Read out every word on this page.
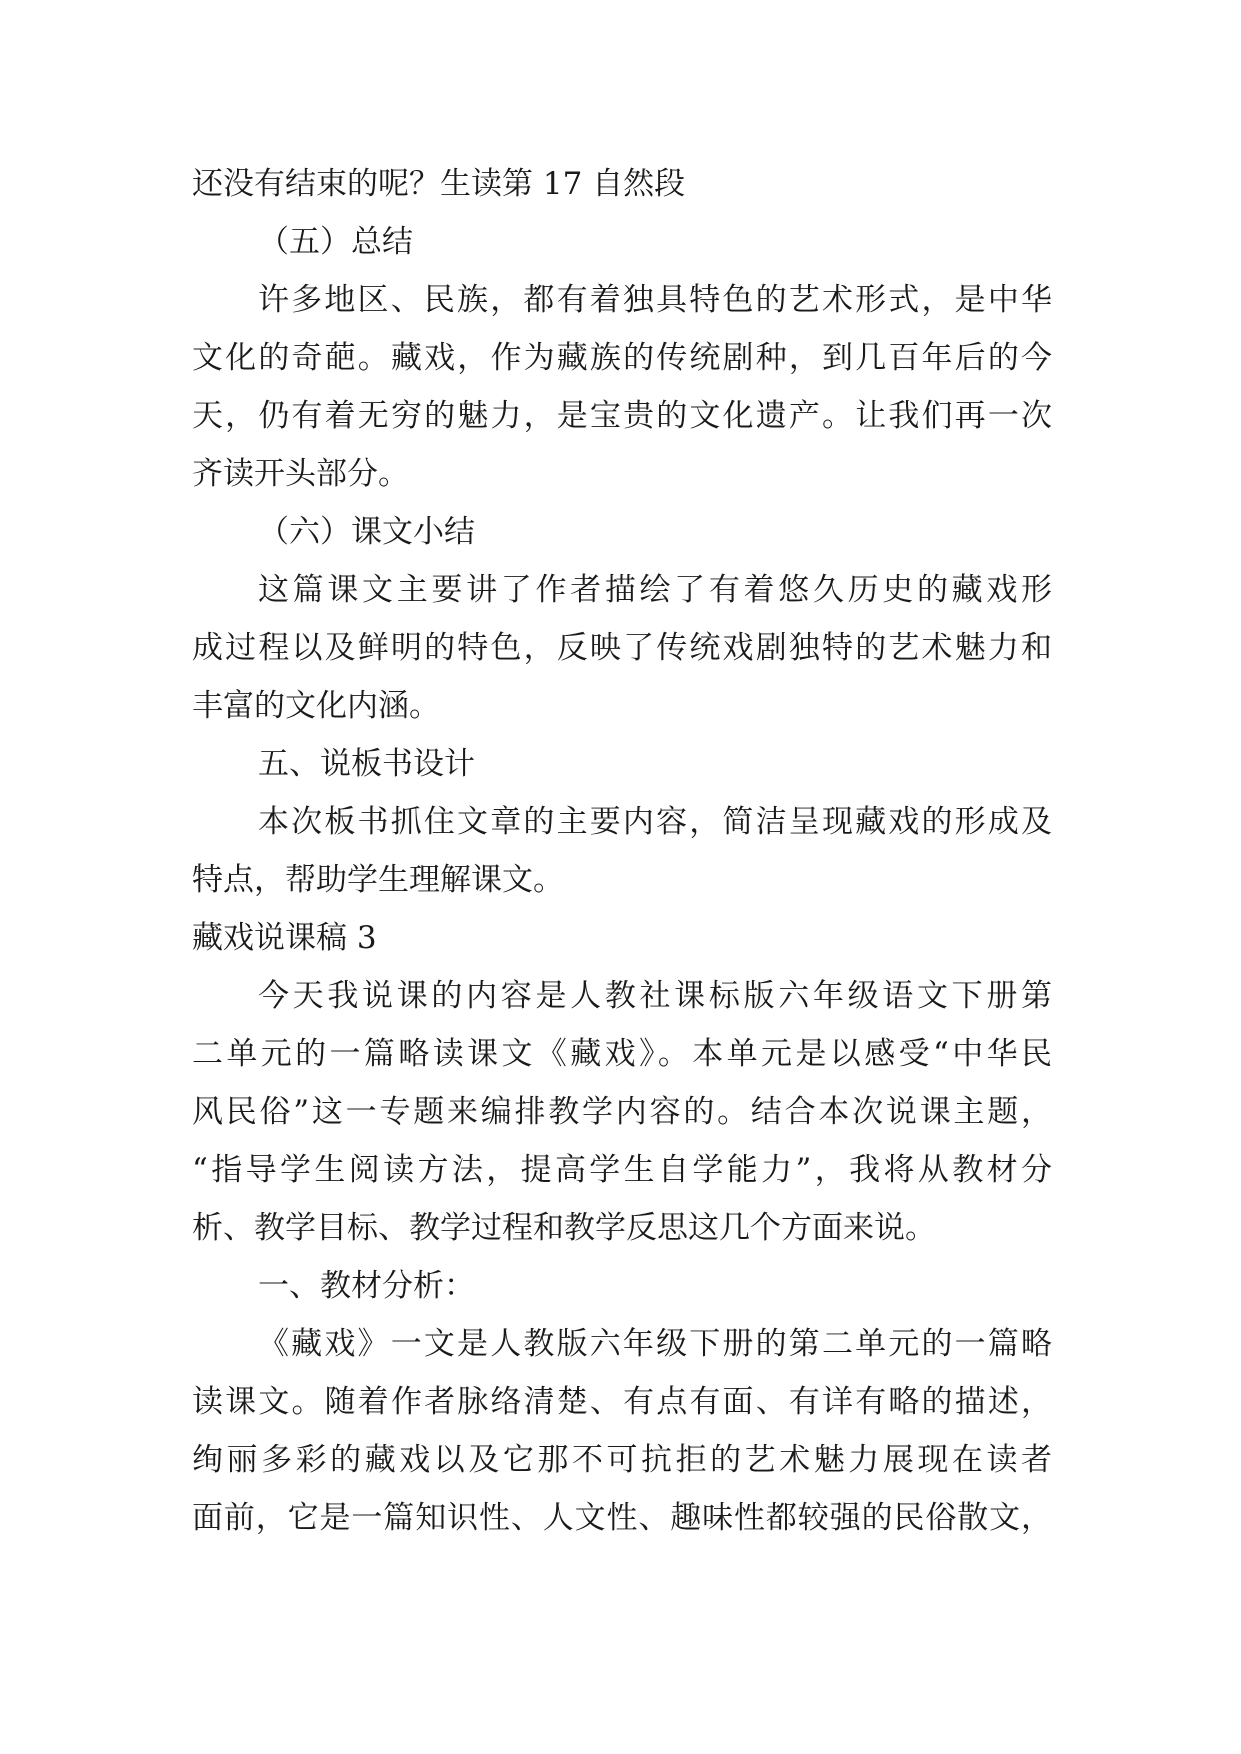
还没有结束的呢？生读第 17 自然段
（五）总结
许多地区、民族，都有着独具特色的艺术形式，是中华
文化的奇葩。藏戏，作为藏族的传统剧种，到几百年后的今
天，仍有着无穷的魅力，是宝贵的文化遗产。让我们再一次
齐读开头部分。
（六）课文小结
这篇课文主要讲了作者描绘了有着悠久历史的藏戏形
成过程以及鲜明的特色，反映了传统戏剧独特的艺术魅力和
丰富的文化内涵。
五、说板书设计
本次板书抓住文章的主要内容，简洁呈现藏戏的形成及
特点，帮助学生理解课文。
藏戏说课稿 3
今天我说课的内容是人教社课标版六年级语文下册第
二单元的一篇略读课文《藏戏》。本单元是以感受“中华民
风民俗”这一专题来编排教学内容的。结合本次说课主题，
“指导学生阅读方法，提高学生自学能力”，我将从教材分
析、教学目标、教学过程和教学反思这几个方面来说。
一、教材分析：
《藏戏》一文是人教版六年级下册的第二单元的一篇略
读课文。随着作者脉络清楚、有点有面、有详有略的描述，
绚丽多彩的藏戏以及它那不可抗拒的艺术魅力展现在读者
面前，它是一篇知识性、人文性、趣味性都较强的民俗散文，
